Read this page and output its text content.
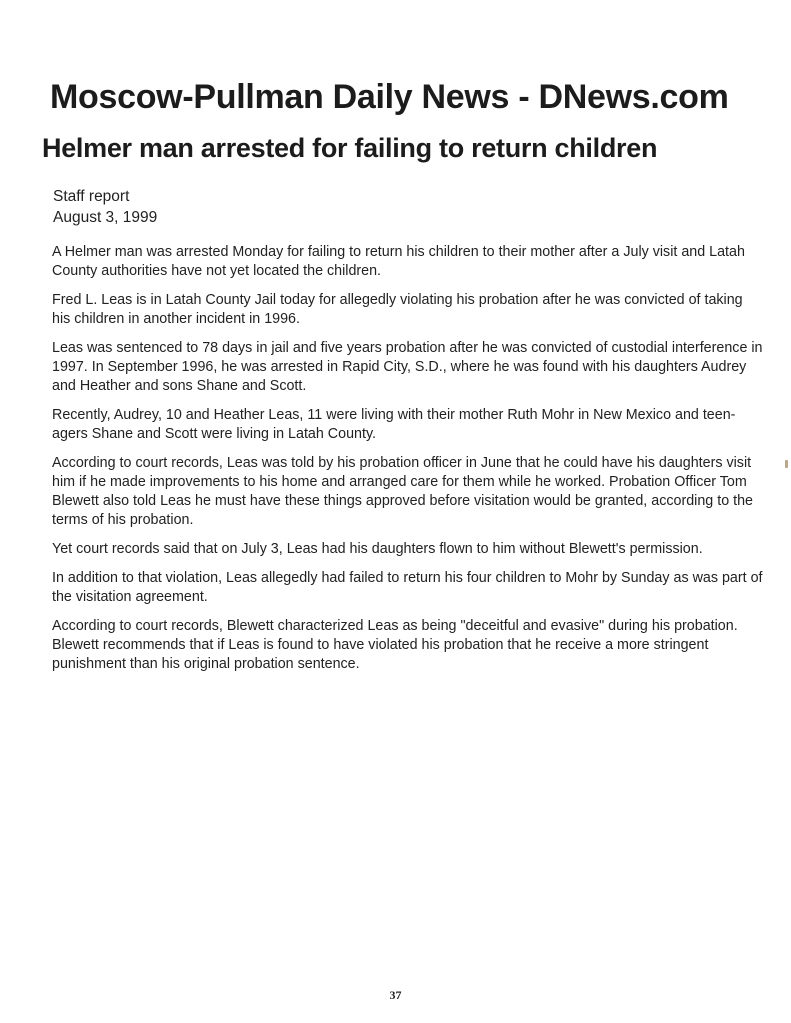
Moscow-Pullman Daily News - DNews.com
Helmer man arrested for failing to return children
Staff report
August 3, 1999

A Helmer man was arrested Monday for failing to return his children to their mother after a July visit and Latah County authorities have not yet located the children.

Fred L. Leas is in Latah County Jail today for allegedly violating his probation after he was convicted of taking his children in another incident in 1996.

Leas was sentenced to 78 days in jail and five years probation after he was convicted of custodial interference in 1997. In September 1996, he was arrested in Rapid City, S.D., where he was found with his daughters Audrey and Heather and sons Shane and Scott.

Recently, Audrey, 10 and Heather Leas, 11 were living with their mother Ruth Mohr in New Mexico and teen-agers Shane and Scott were living in Latah County.

According to court records, Leas was told by his probation officer in June that he could have his daughters visit him if he made improvements to his home and arranged care for them while he worked. Probation Officer Tom Blewett also told Leas he must have these things approved before visitation would be granted, according to the terms of his probation.

Yet court records said that on July 3, Leas had his daughters flown to him without Blewett's permission.

In addition to that violation, Leas allegedly had failed to return his four children to Mohr by Sunday as was part of the visitation agreement.

According to court records, Blewett characterized Leas as being "deceitful and evasive" during his probation. Blewett recommends that if Leas is found to have violated his probation that he receive a more stringent punishment than his original probation sentence.

37
